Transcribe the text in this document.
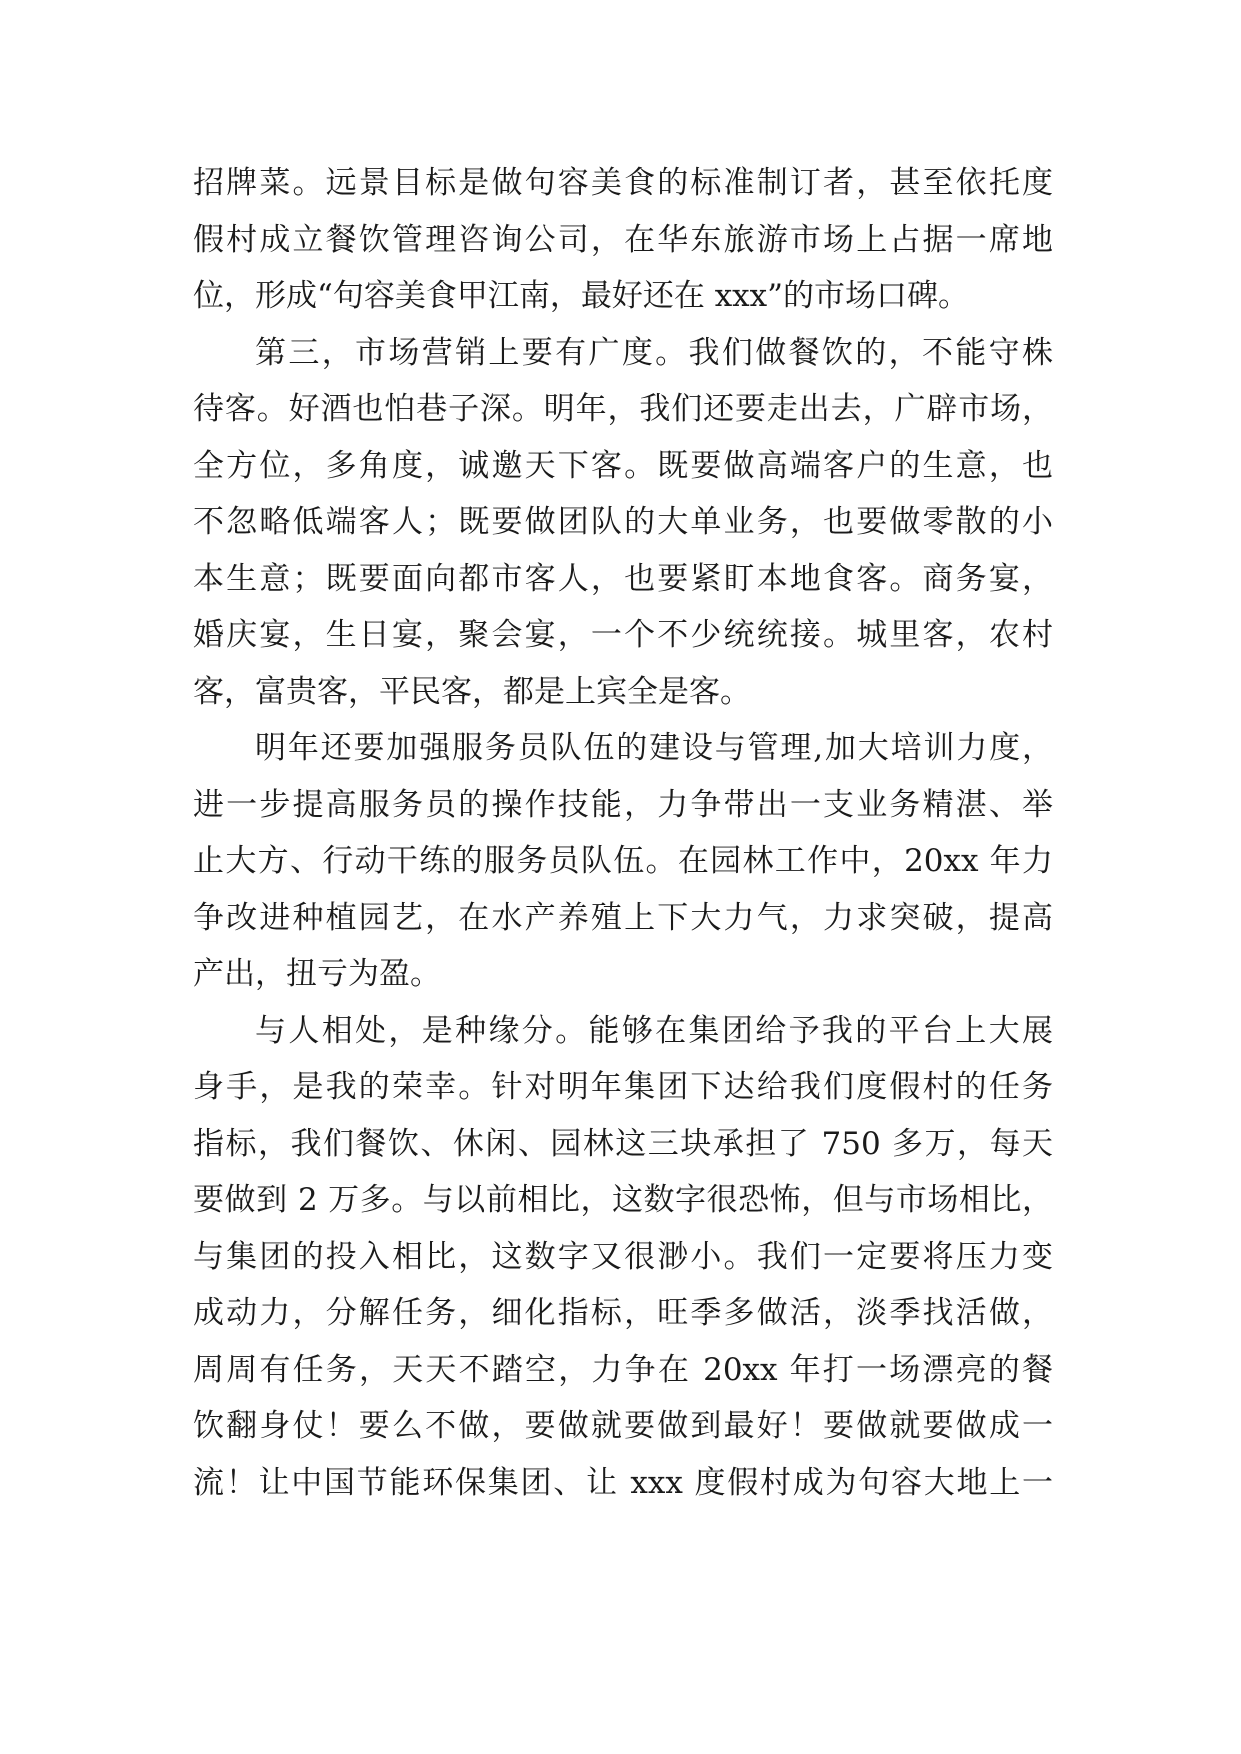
招牌菜。远景目标是做句容美食的标准制订者，甚至依托度
假村成立餐饮管理咨询公司，在华东旅游市场上占据一席地
位，形成“句容美食甲江南，最好还在 xxx”的市场口碑。
第三，市场营销上要有广度。我们做餐饮的，不能守株
待客。好酒也怕巷子深。明年，我们还要走出去，广辟市场，
全方位，多角度，诚邀天下客。既要做高端客户的生意，也
不忽略低端客人；既要做团队的大单业务，也要做零散的小
本生意；既要面向都市客人，也要紧盯本地食客。商务宴，
婚庆宴，生日宴，聚会宴，一个不少统统接。城里客，农村
客，富贵客，平民客，都是上宾全是客。
明年还要加强服务员队伍的建设与管理,加大培训力度，
进一步提高服务员的操作技能，力争带出一支业务精湛、举
止大方、行动干练的服务员队伍。在园林工作中，20xx 年力
争改进种植园艺，在水产养殖上下大力气，力求突破，提高
产出，扭亏为盈。
与人相处，是种缘分。能够在集团给予我的平台上大展
身手，是我的荣幸。针对明年集团下达给我们度假村的任务
指标，我们餐饮、休闲、园林这三块承担了 750 多万，每天
要做到 2 万多。与以前相比，这数字很恐怖，但与市场相比，
与集团的投入相比，这数字又很渺小。我们一定要将压力变
成动力，分解任务，细化指标，旺季多做活，淡季找活做，
周周有任务，天天不踏空，力争在 20xx 年打一场漂亮的餐
饮翻身仗！要么不做，要做就要做到最好！要做就要做成一
流！让中国节能环保集团、让 xxx 度假村成为句容大地上一
